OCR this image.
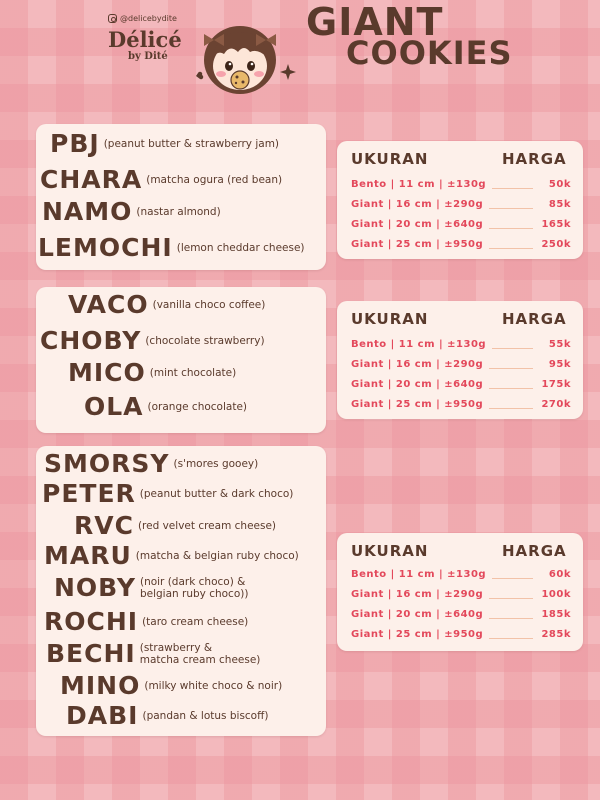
@delicebydite
Délicé
by Dité
GIANT
COOKIES
PBJ (peanut butter & strawberry jam)
CHARA (matcha ogura (red bean)
NAMO (nastar almond)
LEMOCHI (lemon cheddar cheese)
UKURAN	HARGA
Bento | 11 cm | ±130g	50k
Giant | 16 cm | ±290g	85k
Giant | 20 cm | ±640g	165k
Giant | 25 cm | ±950g	250k
VACO (vanilla choco coffee)
CHOBY (chocolate strawberry)
MICO (mint chocolate)
OLA (orange chocolate)
UKURAN	HARGA
Bento | 11 cm | ±130g	55k
Giant | 16 cm | ±290g	95k
Giant | 20 cm | ±640g	175k
Giant | 25 cm | ±950g	270k
SMORSY (s'mores gooey)
PETER (peanut butter & dark choco)
RVC (red velvet cream cheese)
MARU (matcha & belgian ruby choco)
NOBY (noir (dark choco) &
belgian ruby choco))
ROCHI (taro cream cheese)
BECHI (strawberry &
matcha cream cheese)
MINO (milky white choco & noir)
DABI (pandan & lotus biscoff)
UKURAN	HARGA
Bento | 11 cm | ±130g	60k
Giant | 16 cm | ±290g	100k
Giant | 20 cm | ±640g	185k
Giant | 25 cm | ±950g	285k
